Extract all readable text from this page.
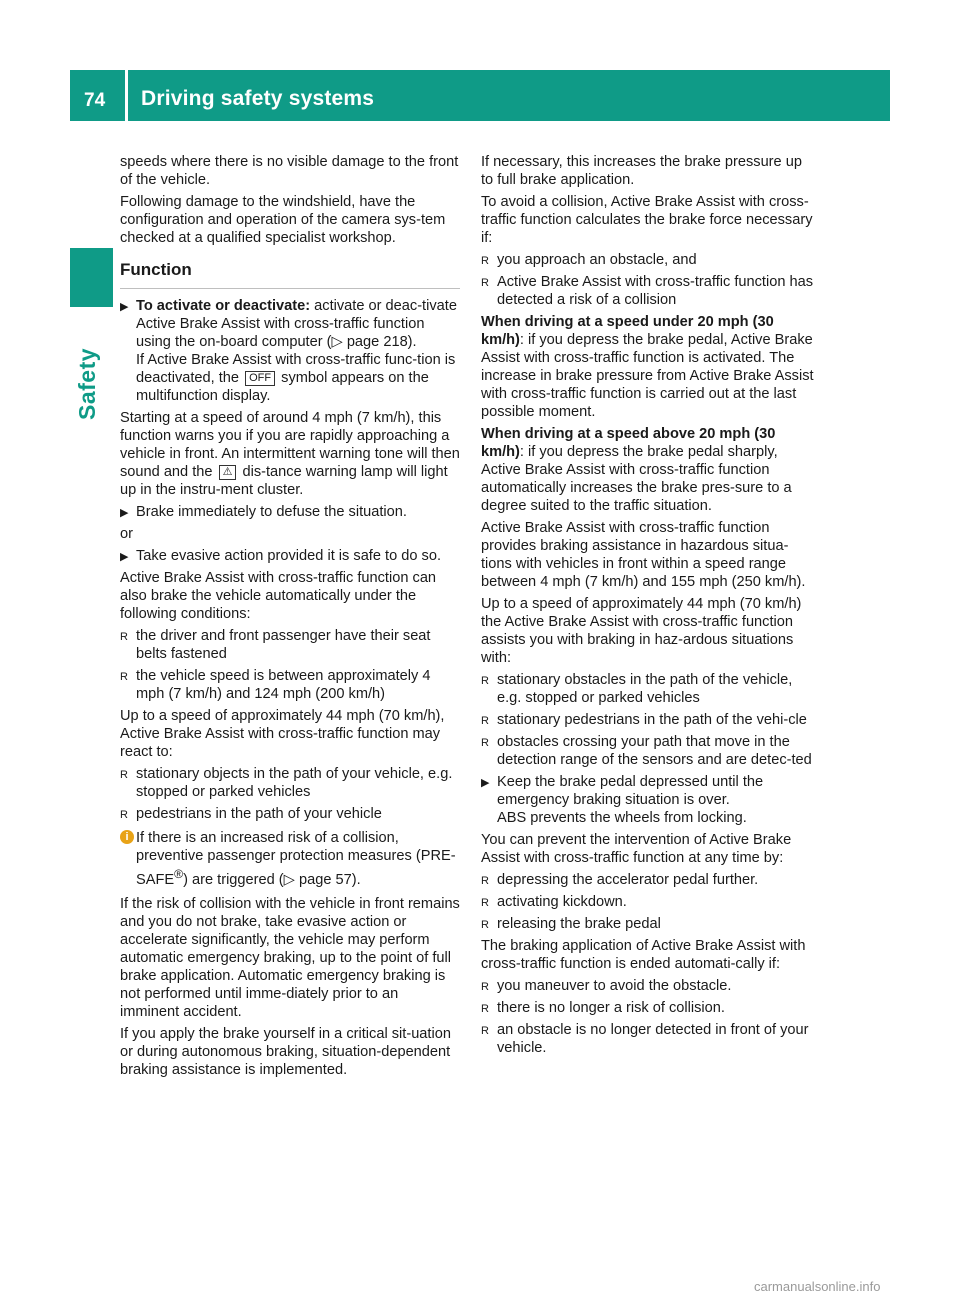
74 Driving safety systems
Safety

speeds where there is no visible damage to the front of the vehicle.

Following damage to the windshield, have the configuration and operation of the camera sys-tem checked at a qualified specialist workshop.

Function
▶ To activate or deactivate: activate or deac-tivate Active Brake Assist with cross-traffic function using the on-board computer (▷ page 218).
If Active Brake Assist with cross-traffic func-tion is deactivated, the OFF symbol appears on the multifunction display.

Starting at a speed of around 4 mph (7 km/h), this function warns you if you are rapidly approaching a vehicle in front. An intermittent warning tone will then sound and the ⚠ dis-tance warning lamp will light up in the instru-ment cluster.

▶ Brake immediately to defuse the situation.

or

▶ Take evasive action provided it is safe to do so.

Active Brake Assist with cross-traffic function can also brake the vehicle automatically under the following conditions:

R the driver and front passenger have their seat belts fastened
R the vehicle speed is between approximately 4 mph (7 km/h) and 124 mph (200 km/h)

Up to a speed of approximately 44 mph (70 km/h), Active Brake Assist with cross-traffic function may react to:

R stationary objects in the path of your vehicle, e.g. stopped or parked vehicles
R pedestrians in the path of your vehicle
i If there is an increased risk of a collision, preventive passenger protection measures (PRE-SAFE®) are triggered (▷ page 57).

If the risk of collision with the vehicle in front remains and you do not brake, take evasive action or accelerate significantly, the vehicle may perform automatic emergency braking, up to the point of full brake application. Automatic emergency braking is not performed until imme-diately prior to an imminent accident.

If you apply the brake yourself in a critical sit-uation or during autonomous braking, situation-dependent braking assistance is implemented.

If necessary, this increases the brake pressure up to full brake application.

To avoid a collision, Active Brake Assist with cross-traffic function calculates the brake force necessary if:

R you approach an obstacle, and
R Active Brake Assist with cross-traffic function has detected a risk of a collision

When driving at a speed under 20 mph (30 km/h): if you depress the brake pedal, Active Brake Assist with cross-traffic function is activated. The increase in brake pressure from Active Brake Assist with cross-traffic function is carried out at the last possible moment.

When driving at a speed above 20 mph (30 km/h): if you depress the brake pedal sharply, Active Brake Assist with cross-traffic function automatically increases the brake pres-sure to a degree suited to the traffic situation.

Active Brake Assist with cross-traffic function provides braking assistance in hazardous situa-tions with vehicles in front within a speed range between 4 mph (7 km/h) and 155 mph (250 km/h).

Up to a speed of approximately 44 mph (70 km/h) the Active Brake Assist with cross-traffic function assists you with braking in haz-ardous situations with:

R stationary obstacles in the path of the vehicle, e.g. stopped or parked vehicles
R stationary pedestrians in the path of the vehi-cle
R obstacles crossing your path that move in the detection range of the sensors and are detec-ted
▶ Keep the brake pedal depressed until the emergency braking situation is over.
ABS prevents the wheels from locking.

You can prevent the intervention of Active Brake Assist with cross-traffic function at any time by:

R depressing the accelerator pedal further.
R activating kickdown.
R releasing the brake pedal

The braking application of Active Brake Assist with cross-traffic function is ended automati-cally if:

R you maneuver to avoid the obstacle.
R there is no longer a risk of collision.
R an obstacle is no longer detected in front of your vehicle.
carmanualsonline.info
